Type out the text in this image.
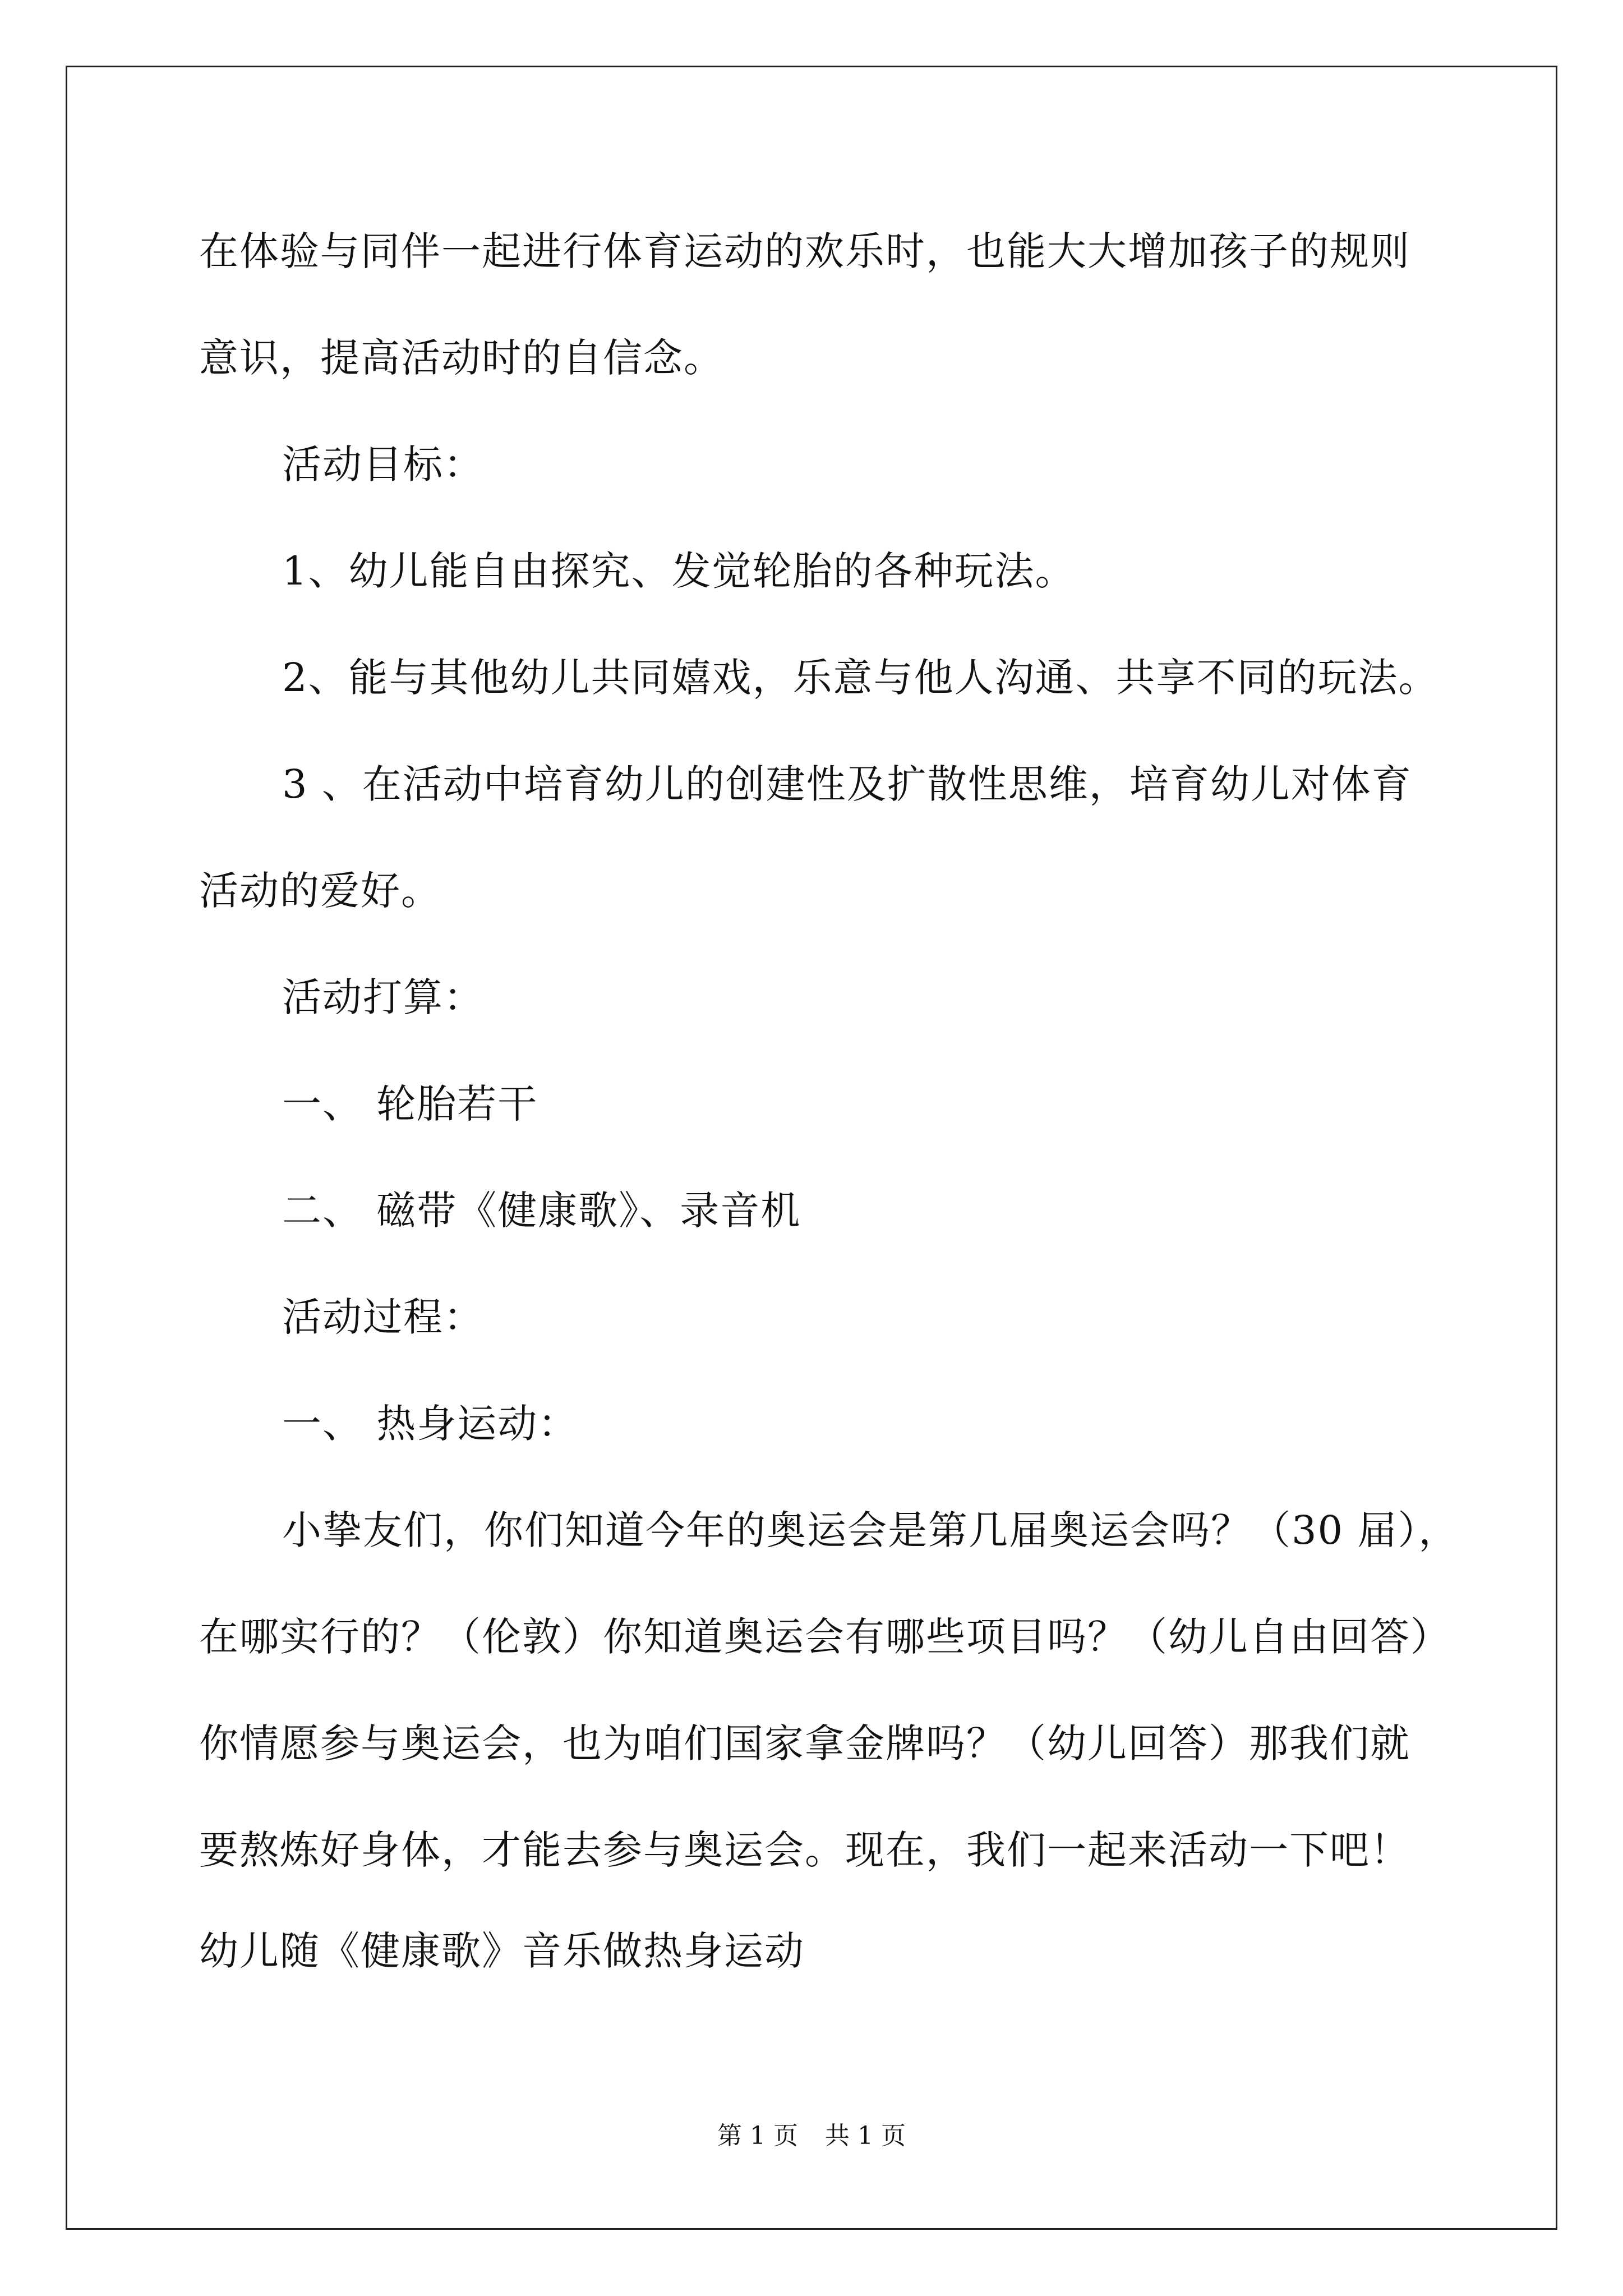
在体验与同伴一起进行体育运动的欢乐时，也能大大增加孩子的规则
意识，提高活动时的自信念。
活动目标：
1、幼儿能自由探究、发觉轮胎的各种玩法。
2、能与其他幼儿共同嬉戏，乐意与他人沟通、共享不同的玩法。
3 、在活动中培育幼儿的创建性及扩散性思维，培育幼儿对体育
活动的爱好。
活动打算：
一、 轮胎若干
二、 磁带《健康歌》、录音机
活动过程：
一、 热身运动：
小挚友们，你们知道今年的奥运会是第几届奥运会吗？（30 届），
在哪实行的？（伦敦）你知道奥运会有哪些项目吗？（幼儿自由回答）
你情愿参与奥运会，也为咱们国家拿金牌吗？（幼儿回答）那我们就
要熬炼好身体，才能去参与奥运会。现在，我们一起来活动一下吧！
幼儿随《健康歌》音乐做热身运动
第 1 页 共 1 页
